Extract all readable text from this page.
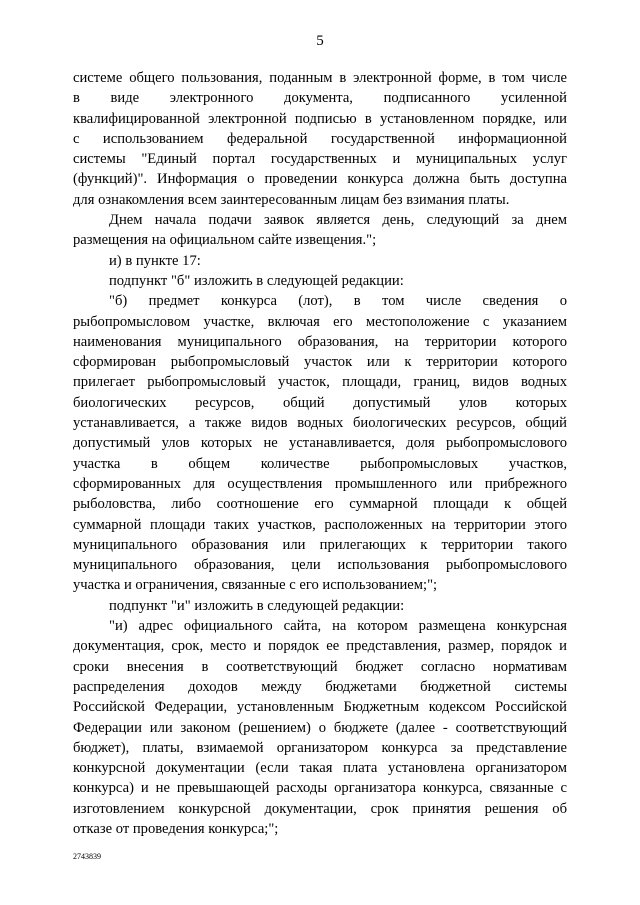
5

системе общего пользования, поданным в электронной форме, в том числе

в виде электронного документа, подписанного усиленной

квалифицированной электронной подписью в установленном порядке, или

с использованием федеральной государственной информационной

системы "Единый портал государственных и муниципальных услуг

(функций)". Информация о проведении конкурса должна быть доступна

для ознакомления всем заинтересованным лицам без взимания платы.

Днем начала подачи заявок является день, следующий за днем

размещения на официальном сайте извещения.";

и) в пункте 17:

подпункт "б" изложить в следующей редакции:

"б) предмет конкурса (лот), в том числе сведения о

рыбопромысловом участке, включая его местоположение с указанием

наименования муниципального образования, на территории которого

сформирован рыбопромысловый участок или к территории которого

прилегает рыбопромысловый участок, площади, границ, видов водных

биологических ресурсов, общий допустимый улов которых

устанавливается, а также видов водных биологических ресурсов, общий

допустимый улов которых не устанавливается, доля рыбопромыслового

участка в общем количестве рыбопромысловых участков,

сформированных для осуществления промышленного или прибрежного

рыболовства, либо соотношение его суммарной площади к общей

суммарной площади таких участков, расположенных на территории этого

муниципального образования или прилегающих к территории такого

муниципального образования, цели использования рыбопромыслового

участка и ограничения, связанные с его использованием;";

подпункт "и" изложить в следующей редакции:

"и) адрес официального сайта, на котором размещена конкурсная

документация, срок, место и порядок ее представления, размер, порядок и

сроки внесения в соответствующий бюджет согласно нормативам

распределения доходов между бюджетами бюджетной системы

Российской Федерации, установленным Бюджетным кодексом Российской

Федерации или законом (решением) о бюджете (далее - соответствующий

бюджет), платы, взимаемой организатором конкурса за представление

конкурсной документации (если такая плата установлена организатором

конкурса) и не превышающей расходы организатора конкурса, связанные с

изготовлением конкурсной документации, срок принятия решения об

отказе от проведения конкурса;";

2743839
